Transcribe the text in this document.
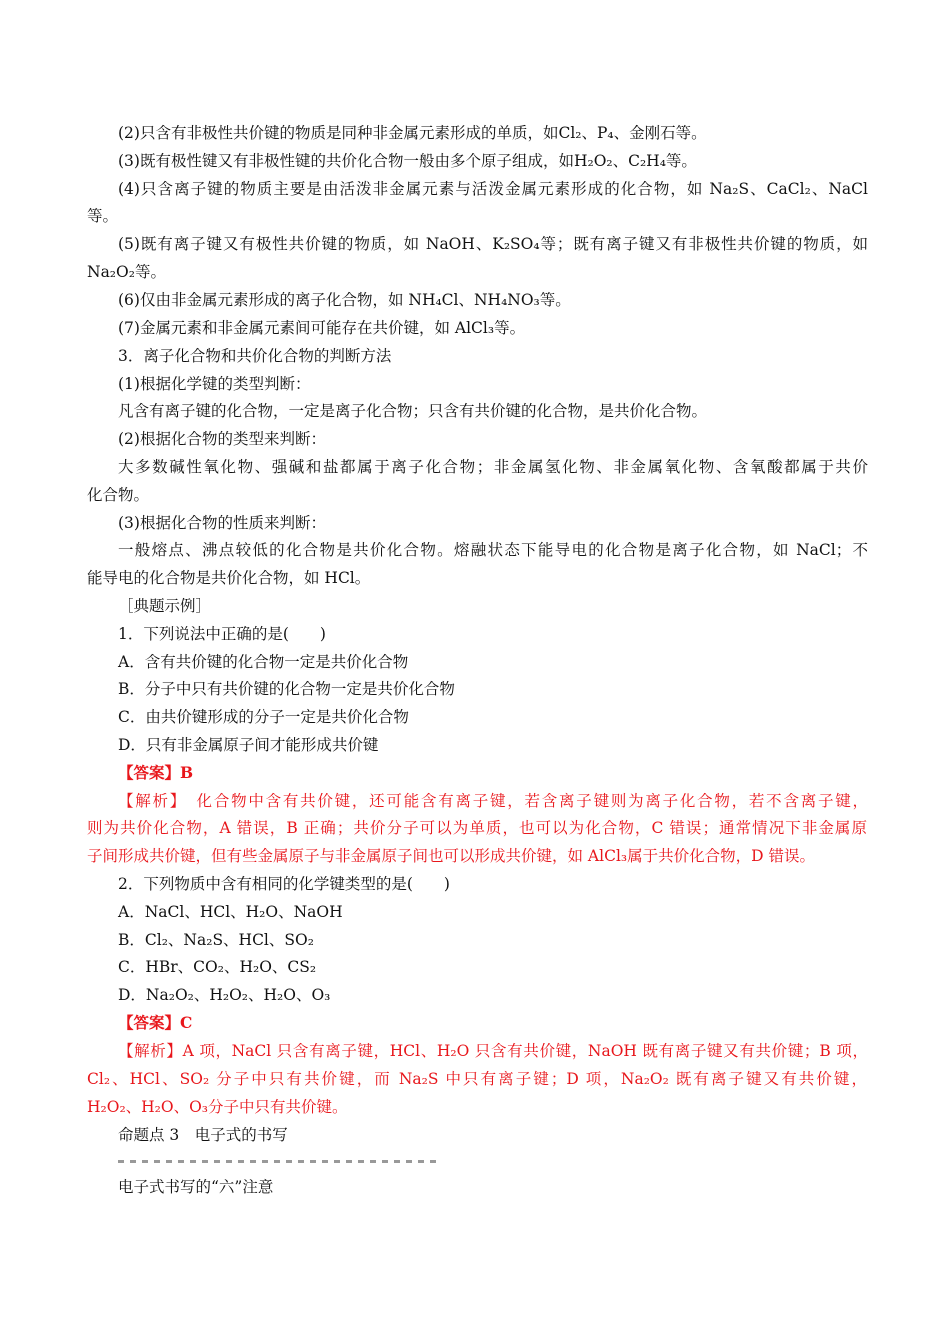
(2)只含有非极性共价键的物质是同种非金属元素形成的单质，如Cl₂、P₄、金刚石等。
(3)既有极性键又有非极性键的共价化合物一般由多个原子组成，如H₂O₂、C₂H₄等。
(4)只含离子键的物质主要是由活泼非金属元素与活泼金属元素形成的化合物，如 Na₂S、CaCl₂、NaCl
等。
(5)既有离子键又有极性共价键的物质，如 NaOH、K₂SO₄等；既有离子键又有非极性共价键的物质，如
Na₂O₂等。
(6)仅由非金属元素形成的离子化合物，如 NH₄Cl、NH₄NO₃等。
(7)金属元素和非金属元素间可能存在共价键，如 AlCl₃等。
3．离子化合物和共价化合物的判断方法
(1)根据化学键的类型判断：
凡含有离子键的化合物，一定是离子化合物；只含有共价键的化合物，是共价化合物。
(2)根据化合物的类型来判断：
大多数碱性氧化物、强碱和盐都属于离子化合物；非金属氢化物、非金属氧化物、含氧酸都属于共价
化合物。
(3)根据化合物的性质来判断：
一般熔点、沸点较低的化合物是共价化合物。熔融状态下能导电的化合物是离子化合物，如 NaCl；不
能导电的化合物是共价化合物，如 HCl。
［典题示例］
1．下列说法中正确的是(　　)
A．含有共价键的化合物一定是共价化合物
B．分子中只有共价键的化合物一定是共价化合物
C．由共价键形成的分子一定是共价化合物
D．只有非金属原子间才能形成共价键
【答案】B
【解析】　化合物中含有共价键，还可能含有离子键，若含离子键则为离子化合物，若不含离子键，
则为共价化合物，A 错误，B 正确；共价分子可以为单质，也可以为化合物，C 错误；通常情况下非金属原
子间形成共价键，但有些金属原子与非金属原子间也可以形成共价键，如 AlCl₃属于共价化合物，D 错误。
2．下列物质中含有相同的化学键类型的是(　　)
A．NaCl、HCl、H₂O、NaOH
B．Cl₂、Na₂S、HCl、SO₂
C．HBr、CO₂、H₂O、CS₂
D．Na₂O₂、H₂O₂、H₂O、O₃
【答案】C
【解析】A 项，NaCl 只含有离子键，HCl、H₂O 只含有共价键，NaOH 既有离子键又有共价键；B 项，
Cl₂、HCl、SO₂ 分子中只有共价键，而 Na₂S 中只有离子键；D 项，Na₂O₂ 既有离子键又有共价键，
H₂O₂、H₂O、O₃分子中只有共价键。
命题点 3　电子式的书写
电子式书写的“六”注意
